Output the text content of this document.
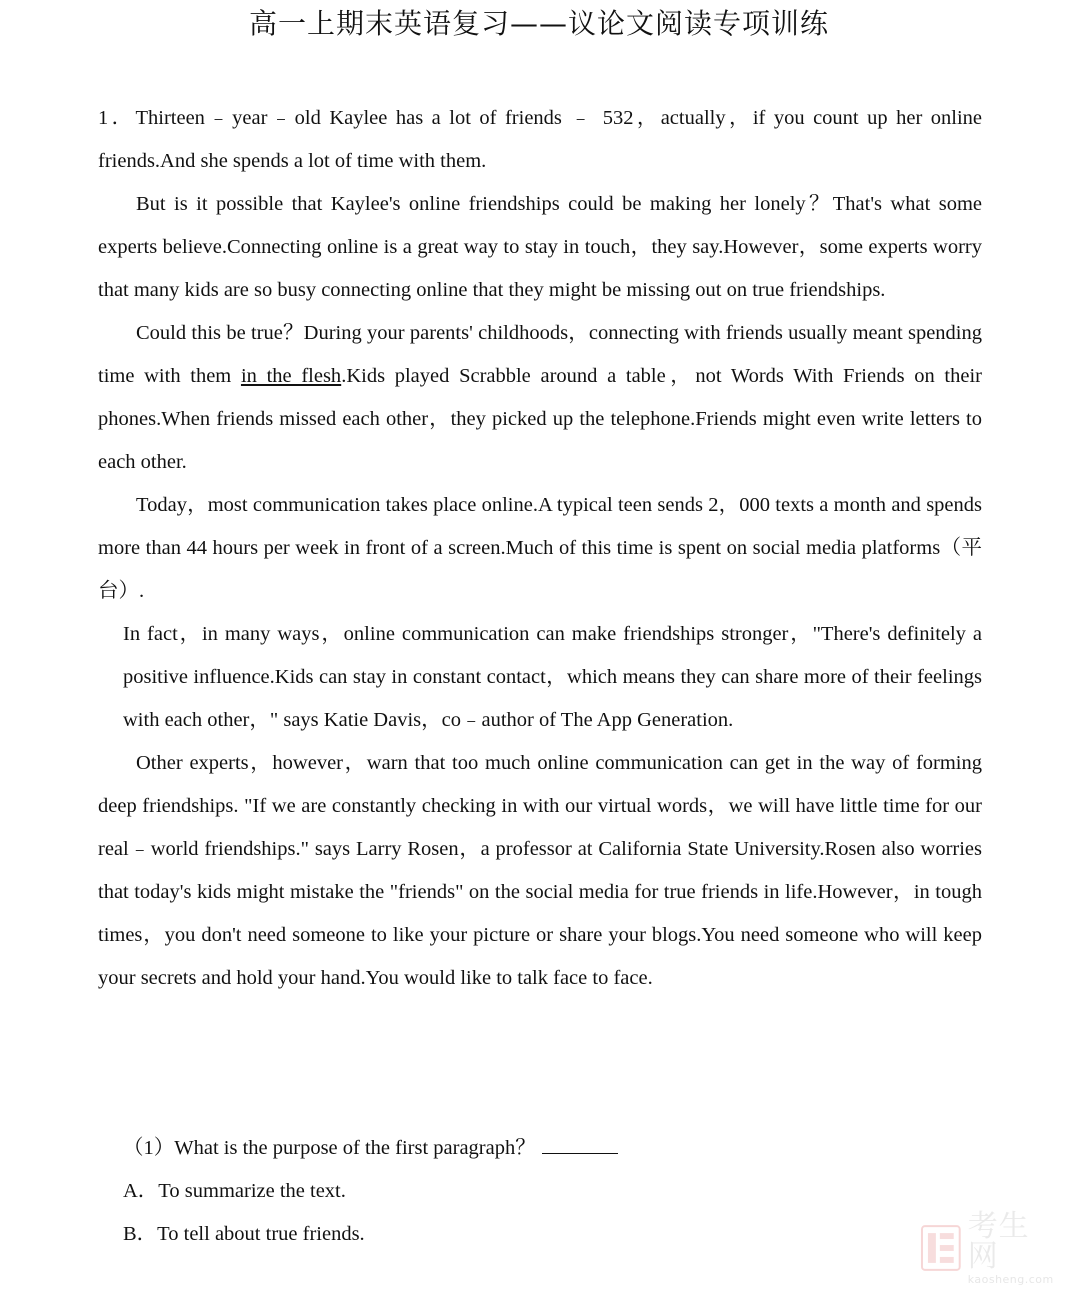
高一上期末英语复习——议论文阅读专项训练

1．Thirteen﹣year﹣old Kaylee has a lot of friends ﹣ 532，actually，if you count up her online friends.And she spends a lot of time with them.

But is it possible that Kaylee's online friendships could be making her lonely？That's what some experts believe.Connecting online is a great way to stay in touch，they say.However，some experts worry that many kids are so busy connecting online that they might be missing out on true friendships.

Could this be true？During your parents' childhoods，connecting with friends usually meant spending time with them in the flesh.Kids played Scrabble around a table，not Words With Friends on their phones.When friends missed each other，they picked up the telephone.Friends might even write letters to each other.

Today，most communication takes place online.A typical teen sends 2，000 texts a month and spends more than 44 hours per week in front of a screen.Much of this time is spent on social media platforms（平台）.

In fact，in many ways，online communication can make friendships stronger，"There's definitely a positive influence.Kids can stay in constant contact，which means they can share more of their feelings with each other，" says Katie Davis，co﹣author of The App Generation.

Other experts，however，warn that too much online communication can get in the way of forming deep friendships. "If we are constantly checking in with our virtual words，we will have little time for our real﹣world friendships." says Larry Rosen，a professor at California State University.Rosen also worries that today's kids might mistake the "friends" on the social media for true friends in life.However，in tough times，you don't need someone to like your picture or share your blogs.You need someone who will keep your secrets and hold your hand.You would like to talk face to face.

（1）What is the purpose of the first paragraph？

A．To summarize the text.

B．To tell about true friends.	考生网
kaosheng.com
